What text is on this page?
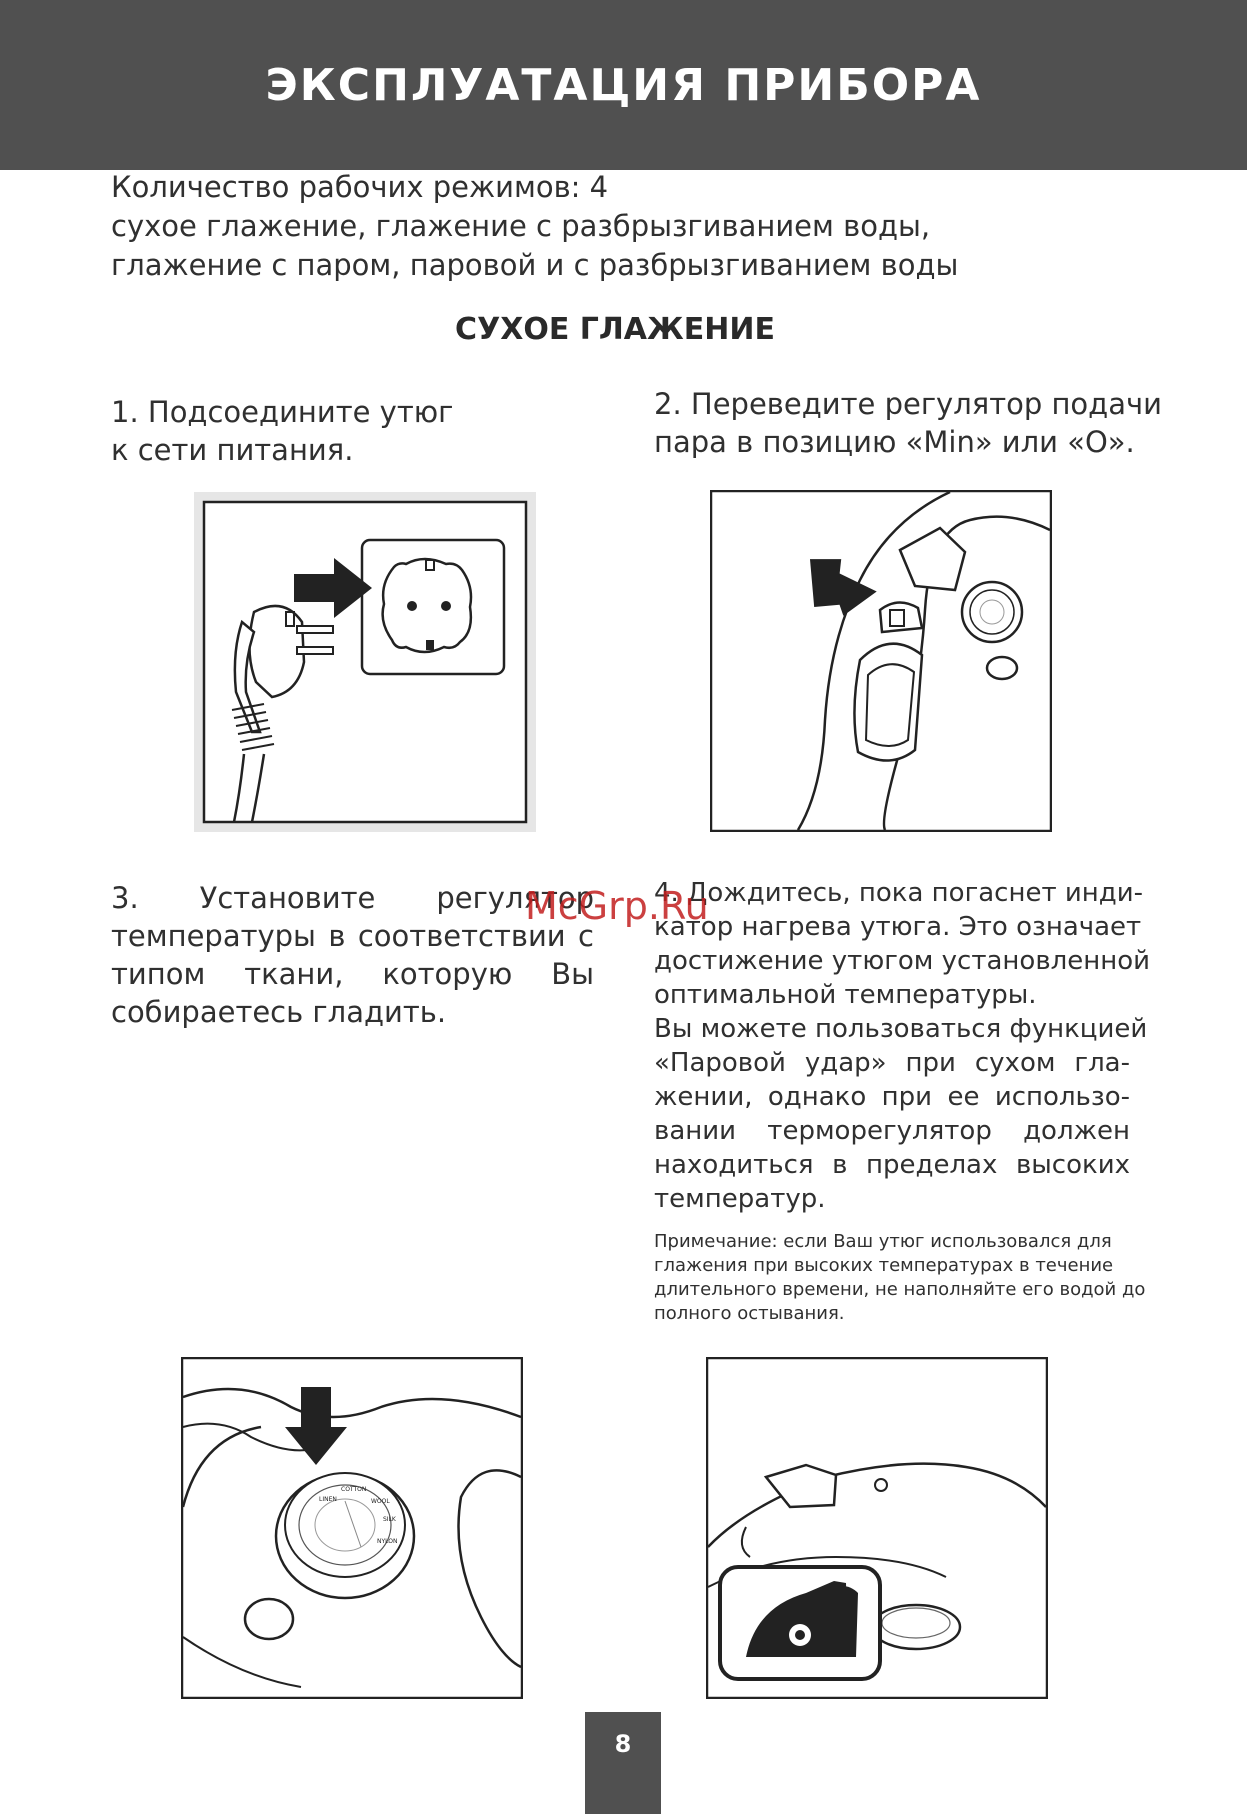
ЭКСПЛУАТАЦИЯ ПРИБОРА
Количество рабочих режимов: 4
сухое глажение, глажение с разбрызгиванием воды,
глажение с паром, паровой и с разбрызгиванием воды
СУХОЕ ГЛАЖЕНИЕ
1. Подсоедините утюг
к сети питания.
2. Переведите регулятор подачи
пара в позицию «Min» или «O».
3. Установите регулятор температуры в соответствии с типом ткани, которую Вы
собираетесь гладить.
4. Дождитесь, пока погаснет инди-
катор нагрева утюга. Это означает
достижение утюгом установленной
оптимальной температуры.
Вы можете пользоваться функцией
«Паровой удар» при сухом гла- жении, однако при ее использо- вании терморегулятор должен находиться в пределах высоких
температур.
Примечание: если Ваш утюг использовался для
глажения при высоких температурах в течение
длительного времени, не наполняйте его водой до
полного остывания.
McGrp.Ru
LINEN
COTTON
WOOL
SILK
NYLON
8
